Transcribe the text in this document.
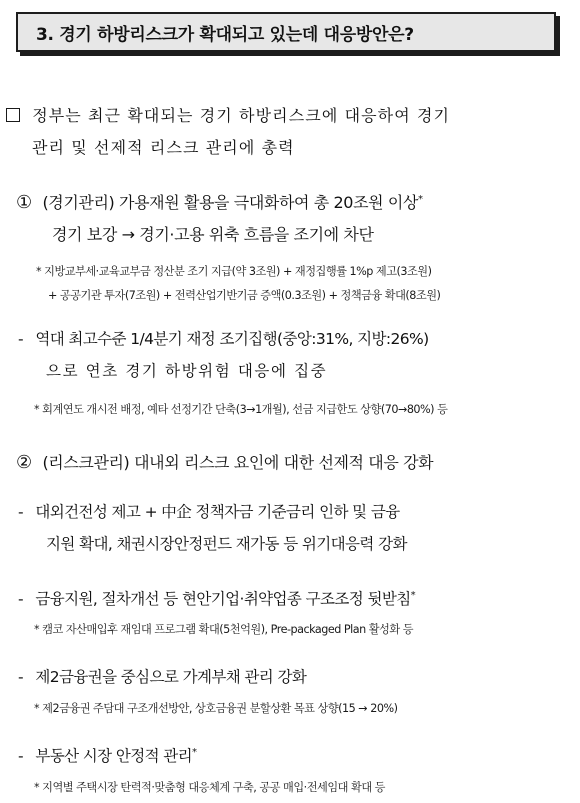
3. 경기 하방리스크가 확대되고 있는데 대응방안은?
정부는 최근 확대되는 경기 하방리스크에 대응하여 경기
관리 및 선제적 리스크 관리에 총력
① (경기관리) 가용재원 활용을 극대화하여 총 20조원 이상*
경기 보강 → 경기·고용 위축 흐름을 조기에 차단
* 지방교부세·교육교부금 정산분 조기 지급(약 3조원) + 재정집행률 1%p 제고(3조원)
+ 공공기관 투자(7조원) + 전력산업기반기금 증액(0.3조원) + 정책금융 확대(8조원)
- 역대 최고수준 1/4분기 재정 조기집행(중앙:31%, 지방:26%)
으로 연초 경기 하방위험 대응에 집중
* 회계연도 개시전 배정, 예타 선정기간 단축(3→1개월), 선금 지급한도 상향(70→80%) 등
② (리스크관리) 대내외 리스크 요인에 대한 선제적 대응 강화
- 대외건전성 제고 + 中企 정책자금 기준금리 인하 및 금융
지원 확대, 채권시장안정펀드 재가동 등 위기대응력 강화
- 금융지원, 절차개선 등 현안기업·취약업종 구조조정 뒷받침*
* 캠코 자산매입후 재임대 프로그램 확대(5천억원), Pre-packaged Plan 활성화 등
- 제2금융권을 중심으로 가계부채 관리 강화
* 제2금융권 주담대 구조개선방안, 상호금융권 분할상환 목표 상향(15 → 20%)
- 부동산 시장 안정적 관리*
* 지역별 주택시장 탄력적·맞춤형 대응체계 구축, 공공 매입·전세임대 확대 등
